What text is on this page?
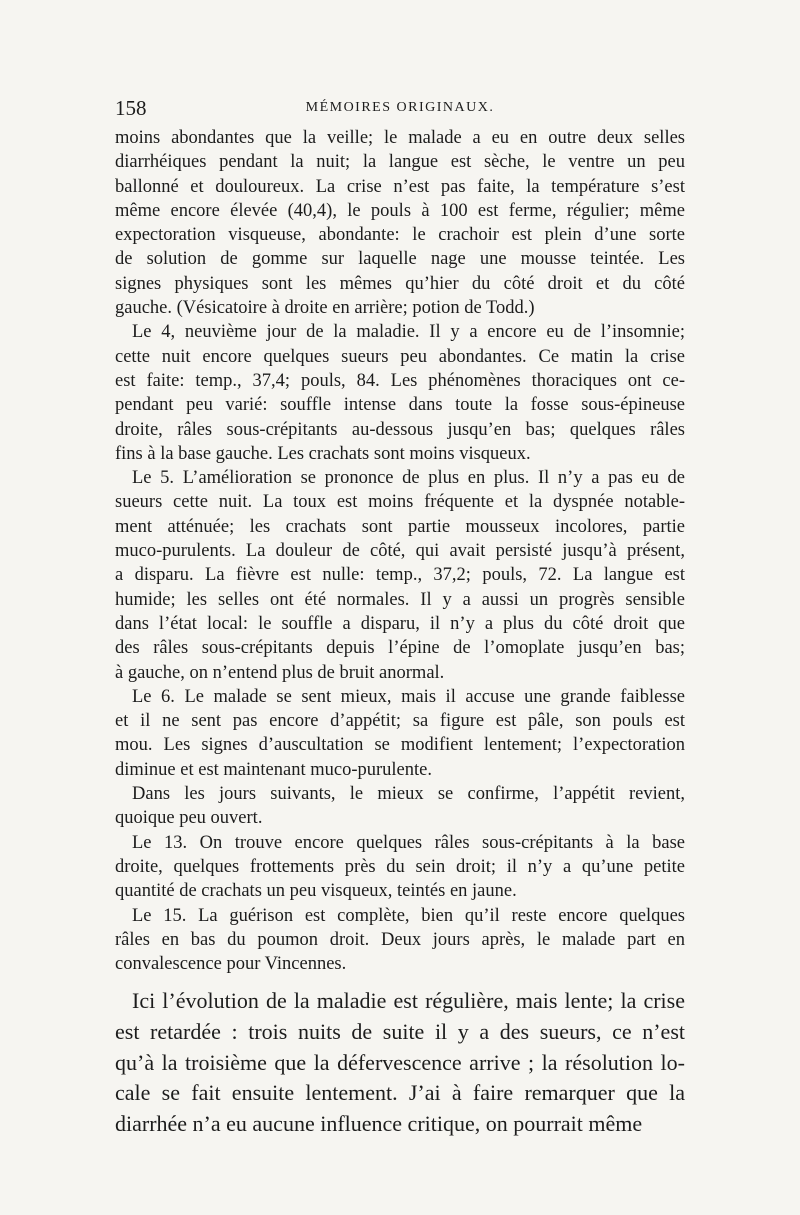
158	MÉMOIRES ORIGINAUX.
moins abondantes que la veille; le malade a eu en outre deux selles
diarrhéiques pendant la nuit; la langue est sèche, le ventre un peu
ballonné et douloureux. La crise n’est pas faite, la température s’est
même encore élevée (40,4), le pouls à 100 est ferme, régulier; même
expectoration visqueuse, abondante: le crachoir est plein d’une sorte
de solution de gomme sur laquelle nage une mousse teintée. Les
signes physiques sont les mêmes qu’hier du côté droit et du côté
gauche. (Vésicatoire à droite en arrière; potion de Todd.)
Le 4, neuvième jour de la maladie. Il y a encore eu de l’insomnie;
cette nuit encore quelques sueurs peu abondantes. Ce matin la crise
est faite: temp., 37,4; pouls, 84. Les phénomènes thoraciques ont ce-
pendant peu varié: souffle intense dans toute la fosse sous-épineuse
droite, râles sous-crépitants au-dessous jusqu’en bas; quelques râles
fins à la base gauche. Les crachats sont moins visqueux.
Le 5. L’amélioration se prononce de plus en plus. Il n’y a pas eu de
sueurs cette nuit. La toux est moins fréquente et la dyspnée notable-
ment atténuée; les crachats sont partie mousseux incolores, partie
muco-purulents. La douleur de côté, qui avait persisté jusqu’à présent,
a disparu. La fièvre est nulle: temp., 37,2; pouls, 72. La langue est
humide; les selles ont été normales. Il y a aussi un progrès sensible
dans l’état local: le souffle a disparu, il n’y a plus du côté droit que
des râles sous-crépitants depuis l’épine de l’omoplate jusqu’en bas;
à gauche, on n’entend plus de bruit anormal.
Le 6. Le malade se sent mieux, mais il accuse une grande faiblesse
et il ne sent pas encore d’appétit; sa figure est pâle, son pouls est
mou. Les signes d’auscultation se modifient lentement; l’expectoration
diminue et est maintenant muco-purulente.
Dans les jours suivants, le mieux se confirme, l’appétit revient,
quoique peu ouvert.
Le 13. On trouve encore quelques râles sous-crépitants à la base
droite, quelques frottements près du sein droit; il n’y a qu’une petite
quantité de crachats un peu visqueux, teintés en jaune.
Le 15. La guérison est complète, bien qu’il reste encore quelques
râles en bas du poumon droit. Deux jours après, le malade part en
convalescence pour Vincennes.
Ici l’évolution de la maladie est régulière, mais lente; la crise
est retardée : trois nuits de suite il y a des sueurs, ce n’est
qu’à la troisième que la défervescence arrive ; la résolution lo-
cale se fait ensuite lentement. J’ai à faire remarquer que la
diarrhée n’a eu aucune influence critique, on pourrait même
